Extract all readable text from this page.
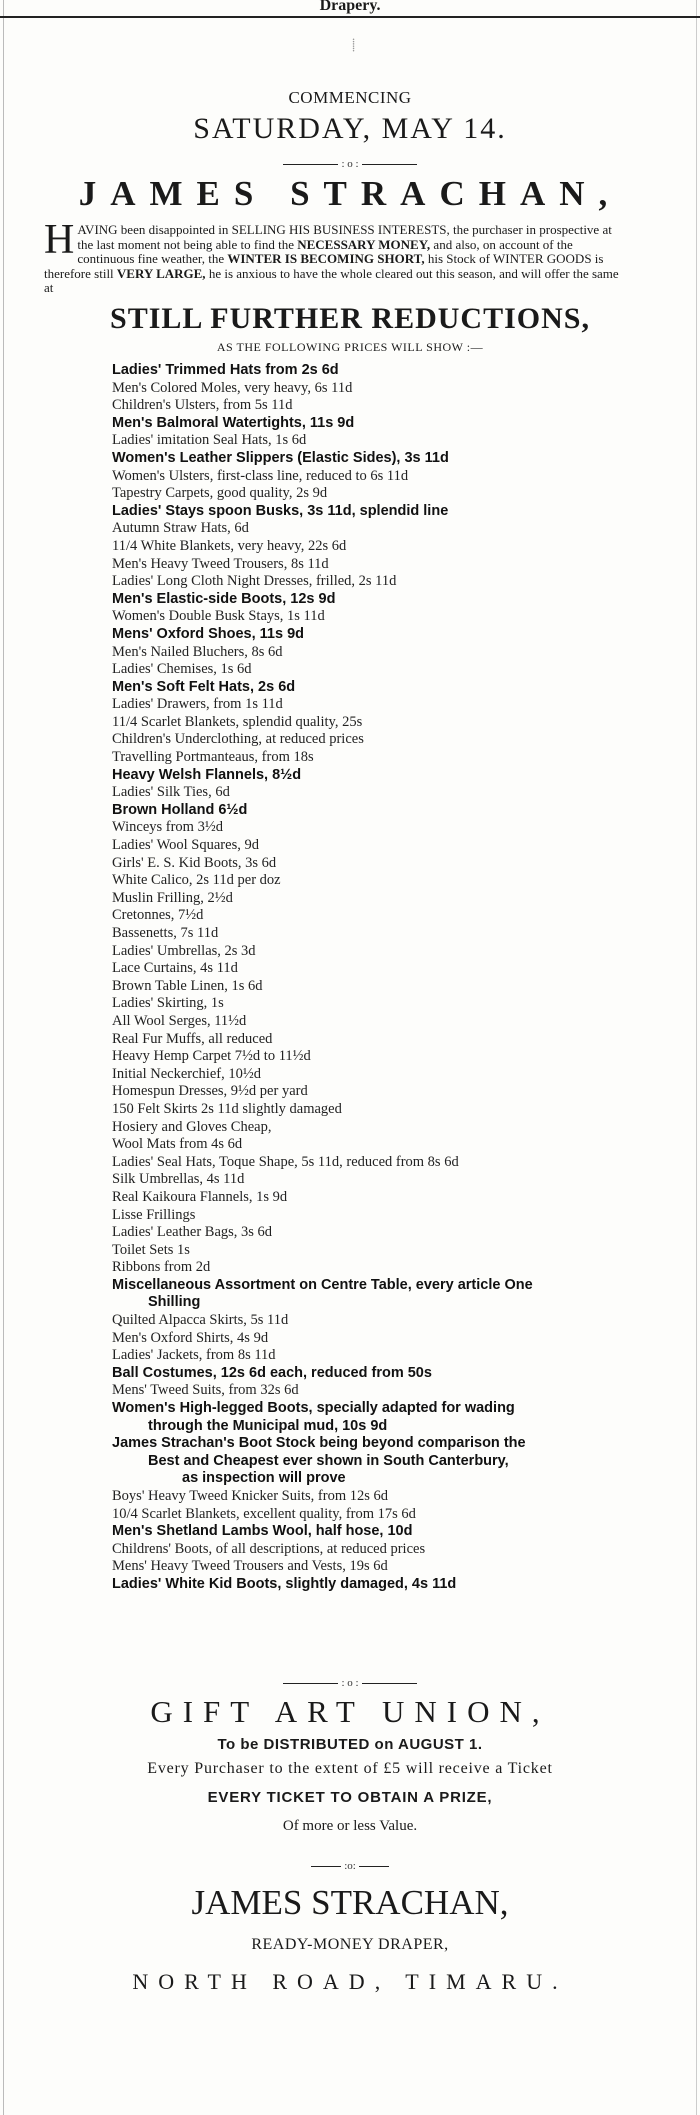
Drapery.
⸽
COMMENCING
SATURDAY, MAY 14.
: o :
JAMES STRACHAN,
HAVING been disappointed in SELLING HIS BUSINESS INTERESTS, the purchaser in prospective at the last moment not being able to find the NECESSARY MONEY, and also, on account of the continuous fine weather, the WINTER IS BECOMING SHORT, his Stock of WINTER GOODS is therefore still VERY LARGE, he is anxious to have the whole cleared out this season, and will offer the same at
STILL FURTHER REDUCTIONS,
AS THE FOLLOWING PRICES WILL SHOW :—
Ladies' Trimmed Hats from 2s 6d
Men's Colored Moles, very heavy, 6s 11d
Children's Ulsters, from 5s 11d
Men's Balmoral Watertights, 11s 9d
Ladies' imitation Seal Hats, 1s 6d
Women's Leather Slippers (Elastic Sides), 3s 11d
Women's Ulsters, first-class line, reduced to 6s 11d
Tapestry Carpets, good quality, 2s 9d
Ladies' Stays spoon Busks, 3s 11d, splendid line
Autumn Straw Hats, 6d
11/4 White Blankets, very heavy, 22s 6d
Men's Heavy Tweed Trousers, 8s 11d
Ladies' Long Cloth Night Dresses, frilled, 2s 11d
Men's Elastic-side Boots, 12s 9d
Women's Double Busk Stays, 1s 11d
Mens' Oxford Shoes, 11s 9d
Men's Nailed Bluchers, 8s 6d
Ladies' Chemises, 1s 6d
Men's Soft Felt Hats, 2s 6d
Ladies' Drawers, from 1s 11d
11/4 Scarlet Blankets, splendid quality, 25s
Children's Underclothing, at reduced prices
Travelling Portmanteaus, from 18s
Heavy Welsh Flannels, 8½d
Ladies' Silk Ties, 6d
Brown Holland 6½d
Winceys from 3½d
Ladies' Wool Squares, 9d
Girls' E. S. Kid Boots, 3s 6d
White Calico, 2s 11d per doz
Muslin Frilling, 2½d
Cretonnes, 7½d
Bassenetts, 7s 11d
Ladies' Umbrellas, 2s 3d
Lace Curtains, 4s 11d
Brown Table Linen, 1s 6d
Ladies' Skirting, 1s
All Wool Serges, 11½d
Real Fur Muffs, all reduced
Heavy Hemp Carpet 7½d to 11½d
Initial Neckerchief, 10½d
Homespun Dresses, 9½d per yard
150 Felt Skirts 2s 11d slightly damaged
Hosiery and Gloves Cheap,
Wool Mats from 4s 6d
Ladies' Seal Hats, Toque Shape, 5s 11d, reduced from 8s 6d
Silk Umbrellas, 4s 11d
Real Kaikoura Flannels, 1s 9d
Lisse Frillings
Ladies' Leather Bags, 3s 6d
Toilet Sets 1s
Ribbons from 2d
Miscellaneous Assortment on Centre Table, every article One
Shilling
Quilted Alpacca Skirts, 5s 11d
Men's Oxford Shirts, 4s 9d
Ladies' Jackets, from 8s 11d
Ball Costumes, 12s 6d each, reduced from 50s
Mens' Tweed Suits, from 32s 6d
Women's High-legged Boots, specially adapted for wading
through the Municipal mud, 10s 9d
James Strachan's Boot Stock being beyond comparison the
Best and Cheapest ever shown in South Canterbury,
as inspection will prove
Boys' Heavy Tweed Knicker Suits, from 12s 6d
10/4 Scarlet Blankets, excellent quality, from 17s 6d
Men's Shetland Lambs Wool, half hose, 10d
Childrens' Boots, of all descriptions, at reduced prices
Mens' Heavy Tweed Trousers and Vests, 19s 6d
Ladies' White Kid Boots, slightly damaged, 4s 11d
: o :
GIFT ART UNION,
To be DISTRIBUTED on AUGUST 1.
Every Purchaser to the extent of £5 will receive a Ticket
EVERY TICKET TO OBTAIN A PRIZE,
Of more or less Value.
:o:
JAMES STRACHAN,
READY-MONEY DRAPER,
NORTH ROAD, TIMARU.
